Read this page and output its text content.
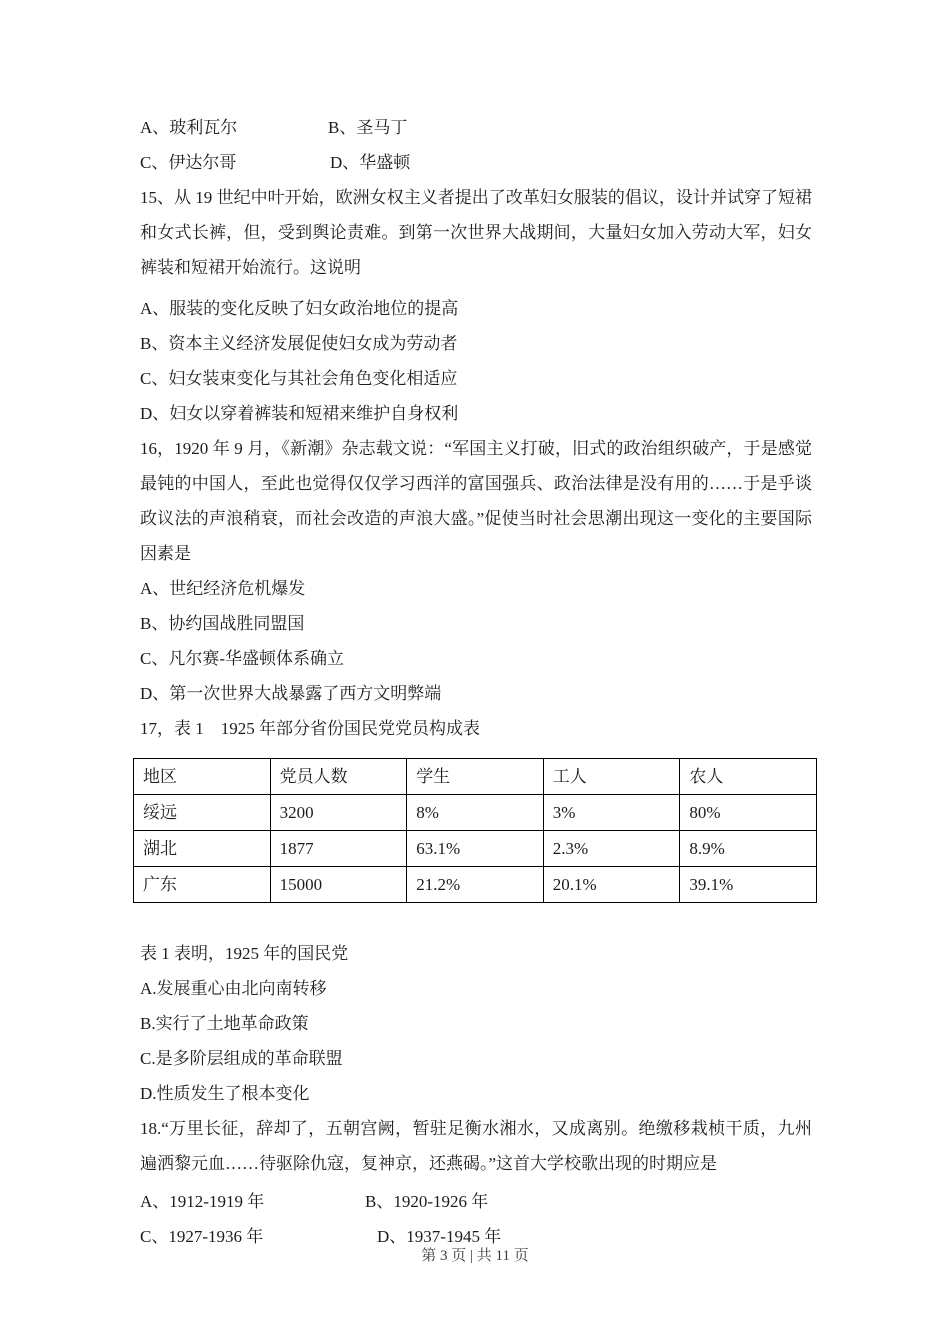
A、玻利瓦尔	B、圣马丁
C、伊达尔哥	D、华盛顿
15、从 19 世纪中叶开始，欧洲女权主义者提出了改革妇女服装的倡议，设计并试穿了短裙
和女式长裤，但，受到舆论责难。到第一次世界大战期间，大量妇女加入劳动大军，妇女
裤装和短裙开始流行。这说明
A、服装的变化反映了妇女政治地位的提高
B、资本主义经济发展促使妇女成为劳动者
C、妇女装束变化与其社会角色变化相适应
D、妇女以穿着裤装和短裙来维护自身权利
16，1920 年 9 月，《新潮》杂志载文说：“军国主义打破，旧式的政治组织破产，于是感觉
最钝的中国人，至此也觉得仅仅学习西洋的富国强兵、政治法律是没有用的……于是乎谈
政议法的声浪稍衰，而社会改造的声浪大盛。”促使当时社会思潮出现这一变化的主要国际
因素是
A、世纪经济危机爆发
B、协约国战胜同盟国
C、凡尔赛-华盛顿体系确立
D、第一次世界大战暴露了西方文明弊端
17，表 1　1925 年部分省份国民党党员构成表
地区	党员人数	学生	工人	农人
绥远	3200	8%	3%	80%
湖北	1877	63.1%	2.3%	8.9%
广东	15000	21.2%	20.1%	39.1%
表 1 表明，1925 年的国民党
A.发展重心由北向南转移
B.实行了土地革命政策
C.是多阶层组成的革命联盟
D.性质发生了根本变化
18.“万里长征，辞却了，五朝宫阙，暂驻足衡水湘水，又成离别。绝缴移栽桢干质，九州
遍洒黎元血……待驱除仇寇，复神京，还燕碣。”这首大学校歌出现的时期应是
A、1912-1919 年	B、1920-1926 年
C、1927-1936 年	D、1937-1945 年
第 3 页 | 共 11 页
